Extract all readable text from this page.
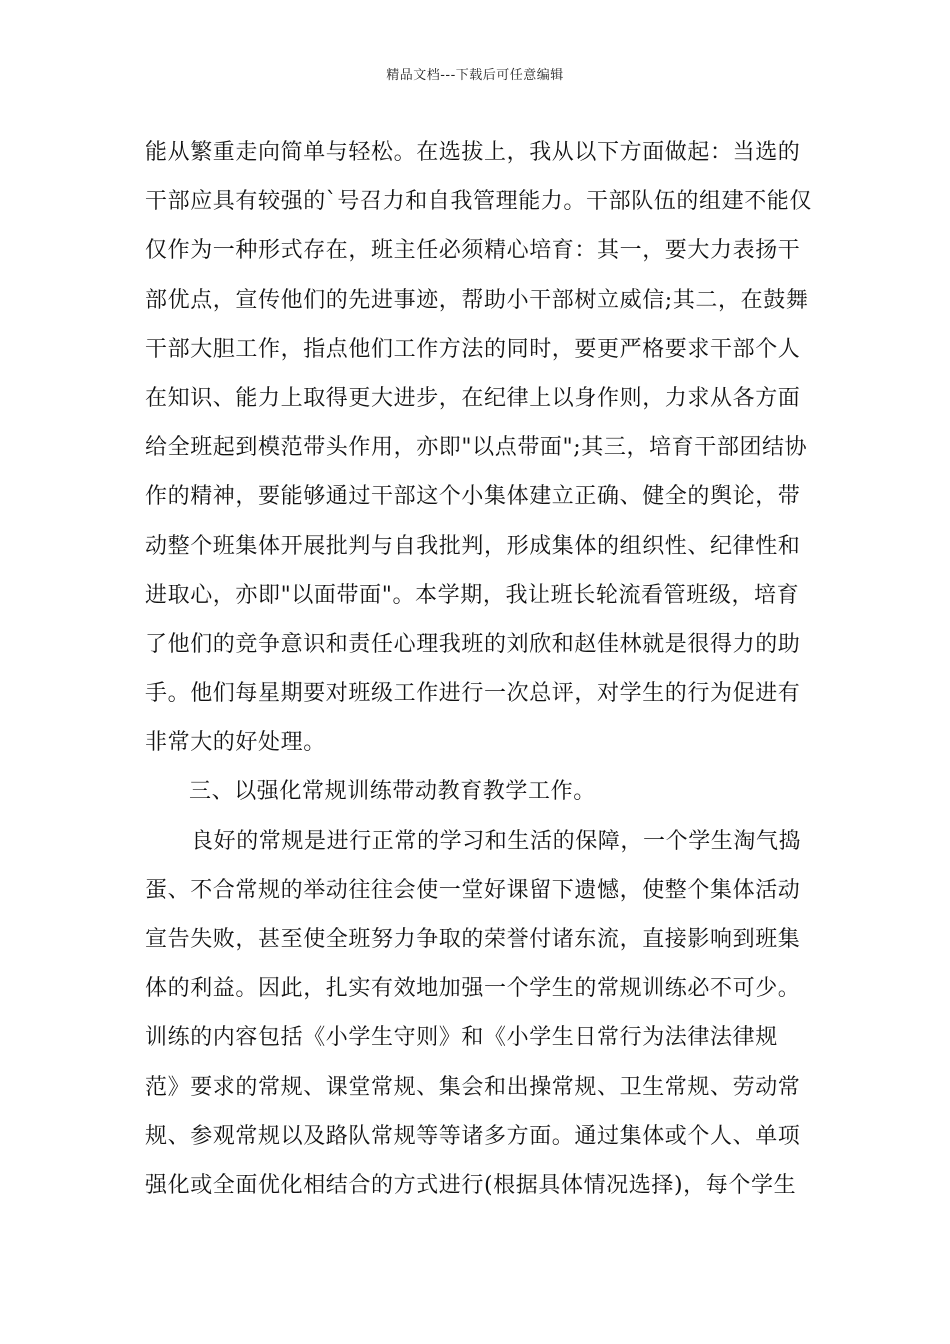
精品文档---下载后可任意编辑
能从繁重走向简单与轻松。在选拔上，我从以下方面做起：当选的
干部应具有较强的`号召力和自我管理能力。干部队伍的组建不能仅
仅作为一种形式存在，班主任必须精心培育：其一，要大力表扬干
部优点，宣传他们的先进事迹，帮助小干部树立威信;其二，在鼓舞
干部大胆工作，指点他们工作方法的同时，要更严格要求干部个人
在知识、能力上取得更大进步，在纪律上以身作则，力求从各方面
给全班起到模范带头作用，亦即"以点带面";其三，培育干部团结协
作的精神，要能够通过干部这个小集体建立正确、健全的舆论，带
动整个班集体开展批判与自我批判，形成集体的组织性、纪律性和
进取心，亦即"以面带面"。本学期，我让班长轮流看管班级，培育
了他们的竞争意识和责任心理我班的刘欣和赵佳林就是很得力的助
手。他们每星期要对班级工作进行一次总评，对学生的行为促进有
非常大的好处理。
三、以强化常规训练带动教育教学工作。
良好的常规是进行正常的学习和生活的保障，一个学生淘气捣
蛋、不合常规的举动往往会使一堂好课留下遗憾，使整个集体活动
宣告失败，甚至使全班努力争取的荣誉付诸东流，直接影响到班集
体的利益。因此，扎实有效地加强一个学生的常规训练必不可少。
训练的内容包括《小学生守则》和《小学生日常行为法律法律规
范》要求的常规、课堂常规、集会和出操常规、卫生常规、劳动常
规、参观常规以及路队常规等等诸多方面。通过集体或个人、单项
强化或全面优化相结合的方式进行(根据具体情况选择)，每个学生
